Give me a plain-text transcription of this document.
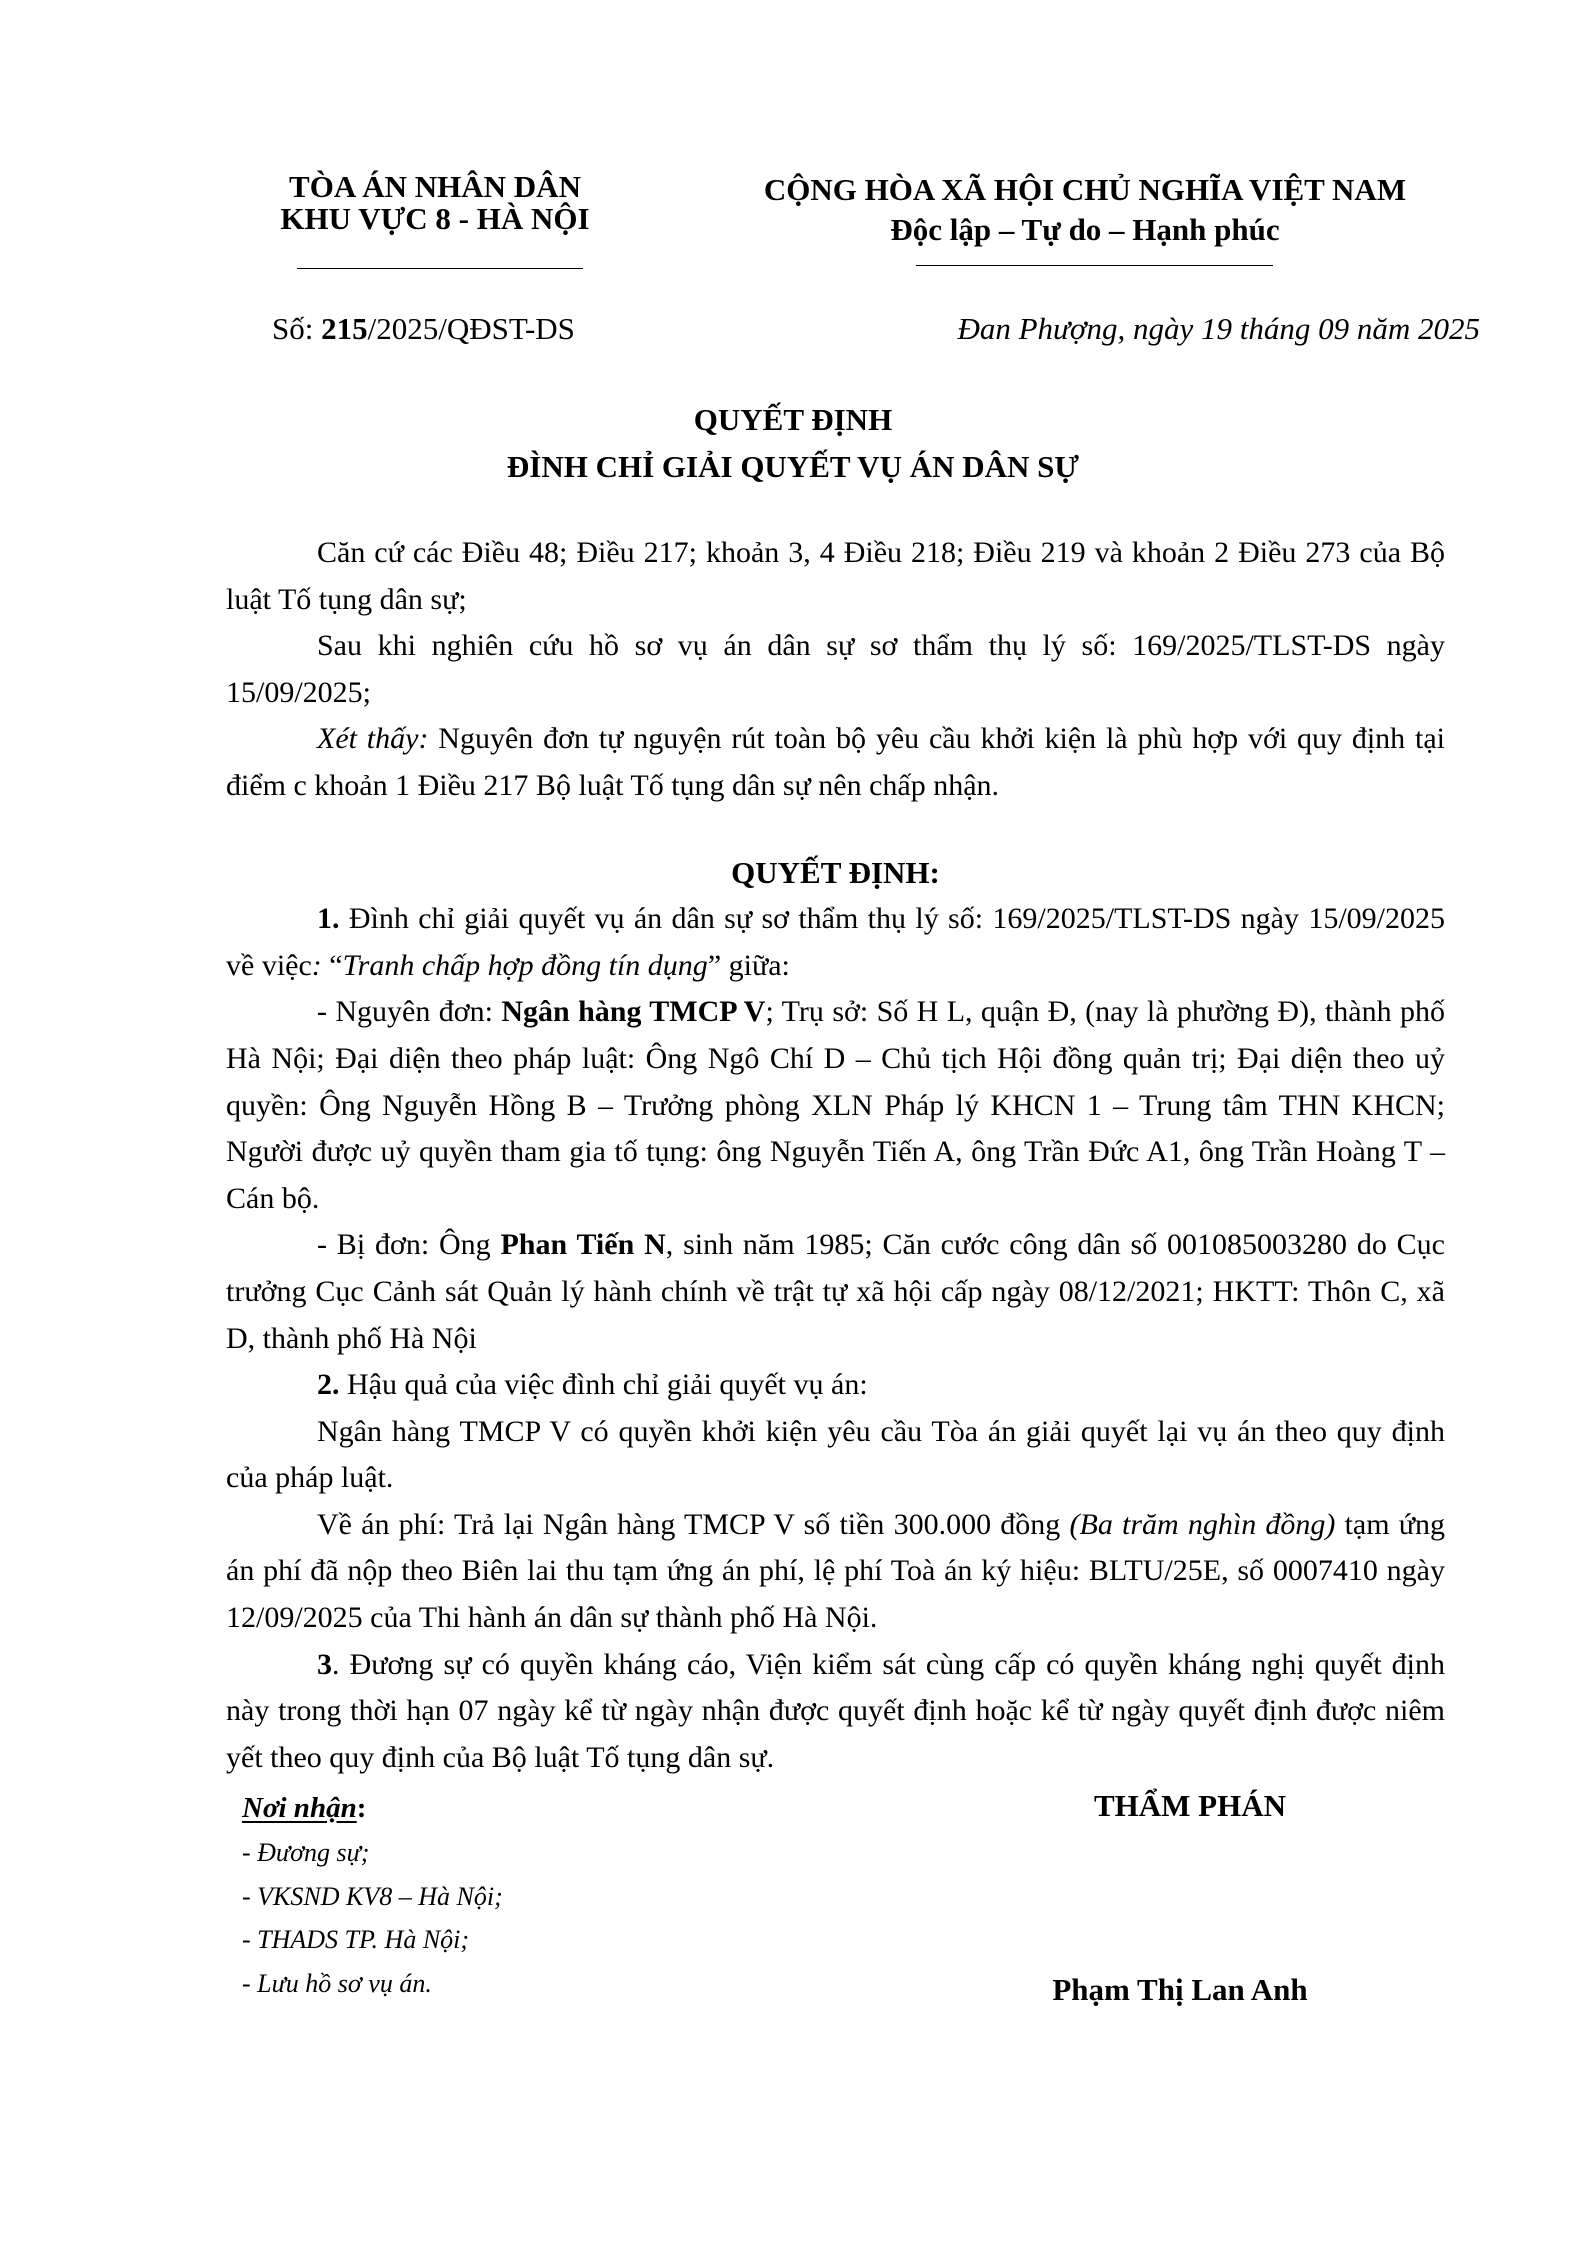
TÒA ÁN NHÂN DÂN
KHU VỰC 8 - HÀ NỘI
CỘNG HÒA XÃ HỘI CHỦ NGHĨA VIỆT NAM
Độc lập – Tự do – Hạnh phúc
Số: 215/2025/QĐST-DS	Đan Phượng, ngày 19 tháng 09 năm 2025
QUYẾT ĐỊNH
ĐÌNH CHỈ GIẢI QUYẾT VỤ ÁN DÂN SỰ

Căn cứ các Điều 48; Điều 217; khoản 3, 4 Điều 218; Điều 219 và khoản 2 Điều 273 của Bộ luật Tố tụng dân sự;

Sau khi nghiên cứu hồ sơ vụ án dân sự sơ thẩm thụ lý số: 169/2025/TLST-DS ngày 15/09/2025;

Xét thấy: Nguyên đơn tự nguyện rút toàn bộ yêu cầu khởi kiện là phù hợp với quy định tại điểm c khoản 1 Điều 217 Bộ luật Tố tụng dân sự nên chấp nhận.

QUYẾT ĐỊNH:

1. Đình chỉ giải quyết vụ án dân sự sơ thẩm thụ lý số: 169/2025/TLST-DS ngày 15/09/2025 về việc: “Tranh chấp hợp đồng tín dụng” giữa:

- Nguyên đơn: Ngân hàng TMCP V; Trụ sở: Số H L, quận Đ, (nay là phường Đ), thành phố Hà Nội; Đại diện theo pháp luật: Ông Ngô Chí D – Chủ tịch Hội đồng quản trị; Đại diện theo uỷ quyền: Ông Nguyễn Hồng B – Trưởng phòng XLN Pháp lý KHCN 1 – Trung tâm THN KHCN; Người được uỷ quyền tham gia tố tụng: ông Nguyễn Tiến A, ông Trần Đức A1, ông Trần Hoàng T – Cán bộ.

- Bị đơn: Ông Phan Tiến N, sinh năm 1985; Căn cước công dân số 001085003280 do Cục trưởng Cục Cảnh sát Quản lý hành chính về trật tự xã hội cấp ngày 08/12/2021; HKTT: Thôn C, xã D, thành phố Hà Nội

2. Hậu quả của việc đình chỉ giải quyết vụ án:

Ngân hàng TMCP V có quyền khởi kiện yêu cầu Tòa án giải quyết lại vụ án theo quy định của pháp luật.

Về án phí: Trả lại Ngân hàng TMCP V số tiền 300.000 đồng (Ba trăm nghìn đồng) tạm ứng án phí đã nộp theo Biên lai thu tạm ứng án phí, lệ phí Toà án ký hiệu: BLTU/25E, số 0007410 ngày 12/09/2025 của Thi hành án dân sự thành phố Hà Nội.

3. Đương sự có quyền kháng cáo, Viện kiểm sát cùng cấp có quyền kháng nghị quyết định này trong thời hạn 07 ngày kể từ ngày nhận được quyết định hoặc kể từ ngày quyết định được niêm yết theo quy định của Bộ luật Tố tụng dân sự.

Nơi nhận:
- Đương sự;
- VKSND KV8 – Hà Nội;
- THADS TP. Hà Nội;
- Lưu hồ sơ vụ án.
THẨM PHÁN
Phạm Thị Lan Anh
